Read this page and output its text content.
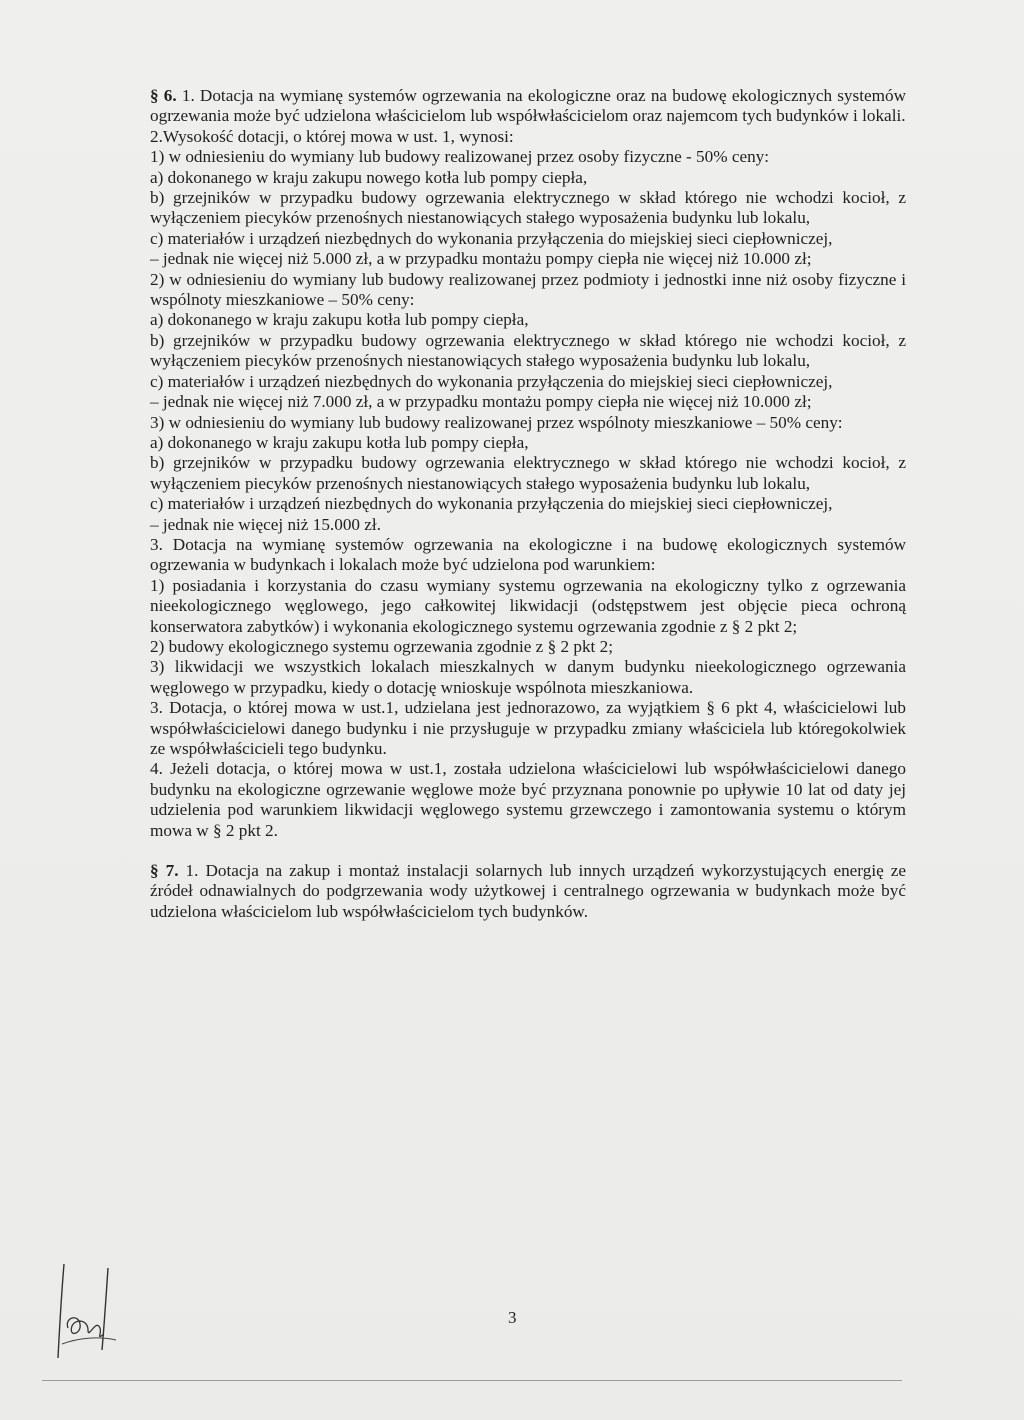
§ 6. 1. Dotacja na wymianę systemów ogrzewania na ekologiczne oraz na budowę ekologicznych systemów ogrzewania może być udzielona właścicielom lub współwłaścicielom oraz najemcom tych budynków i lokali.

2.Wysokość dotacji, o której mowa w ust. 1, wynosi:

1) w odniesieniu do wymiany lub budowy realizowanej przez osoby fizyczne - 50% ceny:

a) dokonanego w kraju zakupu nowego kotła lub pompy ciepła,

b) grzejników w przypadku budowy ogrzewania elektrycznego w skład którego nie wchodzi kocioł, z wyłączeniem piecyków przenośnych niestanowiących stałego wyposażenia budynku lub lokalu,

c) materiałów i urządzeń niezbędnych do wykonania przyłączenia do miejskiej sieci ciepłowniczej,

– jednak nie więcej niż 5.000 zł, a w przypadku montażu pompy ciepła nie więcej niż 10.000 zł;

2) w odniesieniu do wymiany lub budowy realizowanej przez podmioty i jednostki inne niż osoby fizyczne i wspólnoty mieszkaniowe – 50% ceny:

a) dokonanego w kraju zakupu kotła lub pompy ciepła,

b) grzejników w przypadku budowy ogrzewania elektrycznego w skład którego nie wchodzi kocioł, z wyłączeniem piecyków przenośnych niestanowiących stałego wyposażenia budynku lub lokalu,

c) materiałów i urządzeń niezbędnych do wykonania przyłączenia do miejskiej sieci ciepłowniczej,

– jednak nie więcej niż 7.000 zł, a w przypadku montażu pompy ciepła nie więcej niż 10.000 zł;

3) w odniesieniu do wymiany lub budowy realizowanej przez wspólnoty mieszkaniowe – 50% ceny:

a) dokonanego w kraju zakupu kotła lub pompy ciepła,

b) grzejników w przypadku budowy ogrzewania elektrycznego w skład którego nie wchodzi kocioł, z wyłączeniem piecyków przenośnych niestanowiących stałego wyposażenia budynku lub lokalu,

c) materiałów i urządzeń niezbędnych do wykonania przyłączenia do miejskiej sieci ciepłowniczej,

– jednak nie więcej niż 15.000 zł.

3. Dotacja na wymianę systemów ogrzewania na ekologiczne i na budowę ekologicznych systemów ogrzewania w budynkach i lokalach może być udzielona pod warunkiem:

1) posiadania i korzystania do czasu wymiany systemu ogrzewania na ekologiczny tylko z ogrzewania nieekologicznego węglowego, jego całkowitej likwidacji (odstępstwem jest objęcie pieca ochroną konserwatora zabytków) i wykonania ekologicznego systemu ogrzewania zgodnie z § 2 pkt 2;

2) budowy ekologicznego systemu ogrzewania zgodnie z § 2 pkt 2;

3) likwidacji we wszystkich lokalach mieszkalnych w danym budynku nieekologicznego ogrzewania węglowego w przypadku, kiedy o dotację wnioskuje wspólnota mieszkaniowa.

3. Dotacja, o której mowa w ust.1, udzielana jest jednorazowo, za wyjątkiem § 6 pkt 4, właścicielowi lub współwłaścicielowi danego budynku i nie przysługuje w przypadku zmiany właściciela lub któregokolwiek ze współwłaścicieli tego budynku.

4. Jeżeli dotacja, o której mowa w ust.1, została udzielona właścicielowi lub współwłaścicielowi danego budynku na ekologiczne ogrzewanie węglowe może być przyznana ponownie po upływie 10 lat od daty jej udzielenia pod warunkiem likwidacji węglowego systemu grzewczego i zamontowania systemu o którym mowa w § 2 pkt 2.

§ 7. 1. Dotacja na zakup i montaż instalacji solarnych lub innych urządzeń wykorzystujących energię ze źródeł odnawialnych do podgrzewania wody użytkowej i centralnego ogrzewania w budynkach może być udzielona właścicielom lub współwłaścicielom tych budynków.

3
